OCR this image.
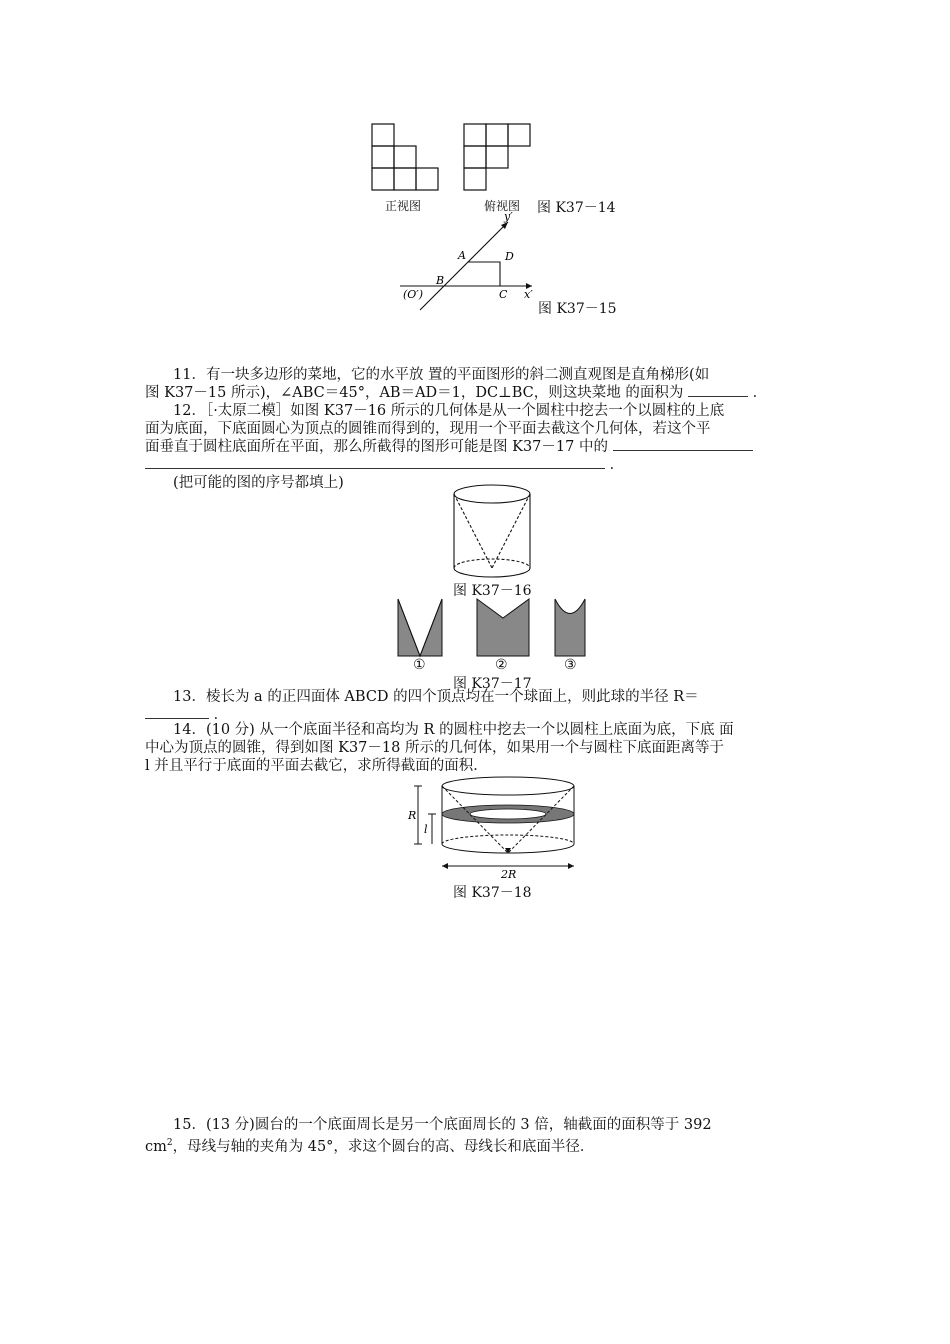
正视图	俯视图 图 K37－14
y′
x′
A
B
C
D
(O′)
图 K37－15
11．有一块多边形的菜地，它的水平放 置的平面图形的斜二测直观图是直角梯形(如
图 K37－15 所示)，∠ABC＝45°，AB＝AD＝1，DC⊥BC，则这块菜地 的面积为	．
12．［·太原二模］如图 K37－16 所示的几何体是从一个圆柱中挖去一个以圆柱的上底
面为底面，下底面圆心为顶点的圆锥而得到的，现用一个平面去截这个几何体，若这个平
面垂直于圆柱底面所在平面，那么所截得的图形可能是图 K37－17 中的
．
(把可能的图的序号都填上)
图 K37－16
①	②	③
图 K37－17
13．棱长为 a 的正四面体 ABCD 的四个顶点均在一个球面上，则此球的半径 R＝
．
14．(10 分) 从一个底面半径和高均为 R 的圆柱中挖去一个以圆柱上底面为底，下底 面
中心为顶点的圆锥，得到如图 K37－18 所示的几何体，如果用一个与圆柱下底面距离等于
l 并且平行于底面的平面去截它，求所得截面的面积．
R
l
2R
图 K37－18
15．(13 分)圆台的一个底面周长是另一个底面周长的 3 倍，轴截面的面积等于 392
$cm^2$，母线与轴的夹角为 45°，求这个圆台的高、母线长和底面半径．
